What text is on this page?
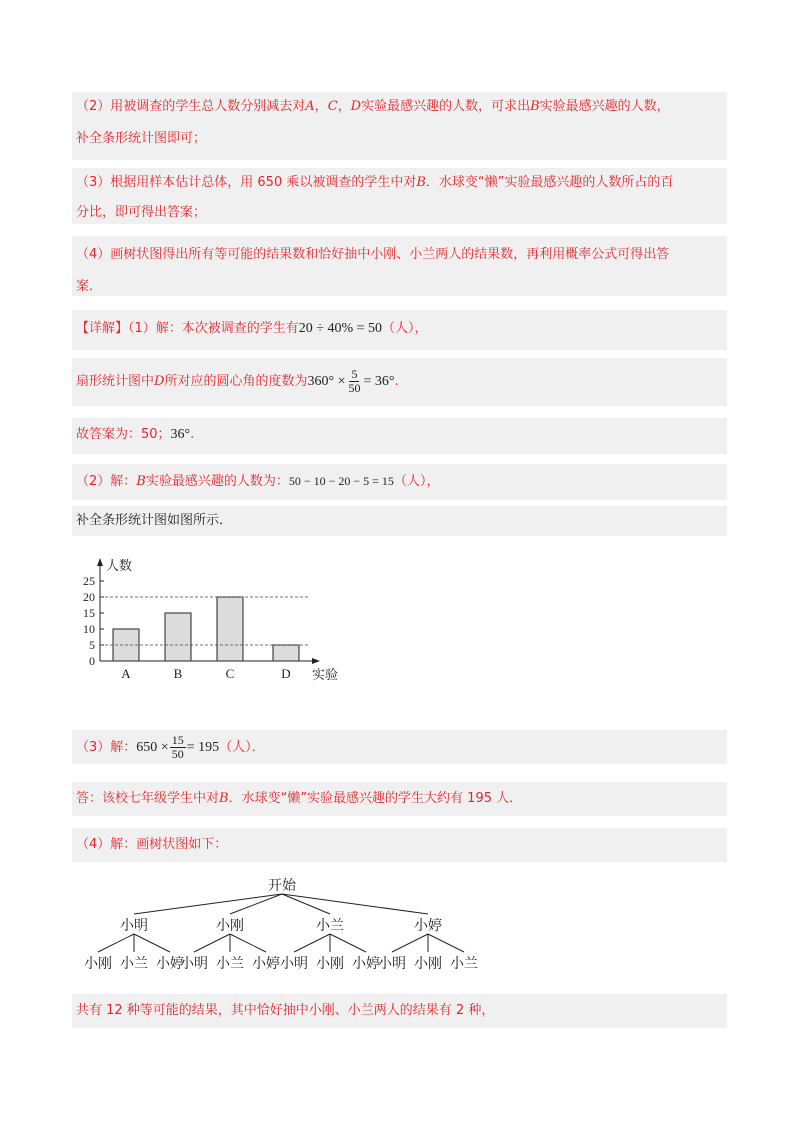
（2）用被调查的学生总人数分别减去对A，C，D实验最感兴趣的人数，可求出B实验最感兴趣的人数，
补全条形统计图即可；
（3）根据用样本估计总体，用 650 乘以被调查的学生中对B．水球变“懒”实验最感兴趣的人数所占的百
分比，即可得出答案；
（4）画树状图得出所有等可能的结果数和恰好抽中小刚、小兰两人的结果数，再利用概率公式可得出答
案．
【详解】（1）解：本次被调查的学生有20 ÷ 40% = 50（人），
扇形统计图中D所对应的圆心角的度数为$360^\circ \times \frac{5}{50} = 36^\circ$.
故答案为：50；36°.
（2）解：B实验最感兴趣的人数为：50 − 10 − 20 − 5 = 15（人），
补全条形统计图如图所示．
人数
实验
0
5
10
15
20
25
A	B	C	D
（3）解：$650 \times \frac{15}{50} = 195$（人）．
答：该校七年级学生中对B．水球变“懒”实验最感兴趣的学生大约有 195 人．
（4）解：画树状图如下：
开始
小明
小刚 小兰 小婷
小刚
小明 小兰 小婷
小兰
小明 小刚 小婷
小婷
小明 小刚 小兰
共有 12 种等可能的结果，其中恰好抽中小刚、小兰两人的结果有 2 种，
